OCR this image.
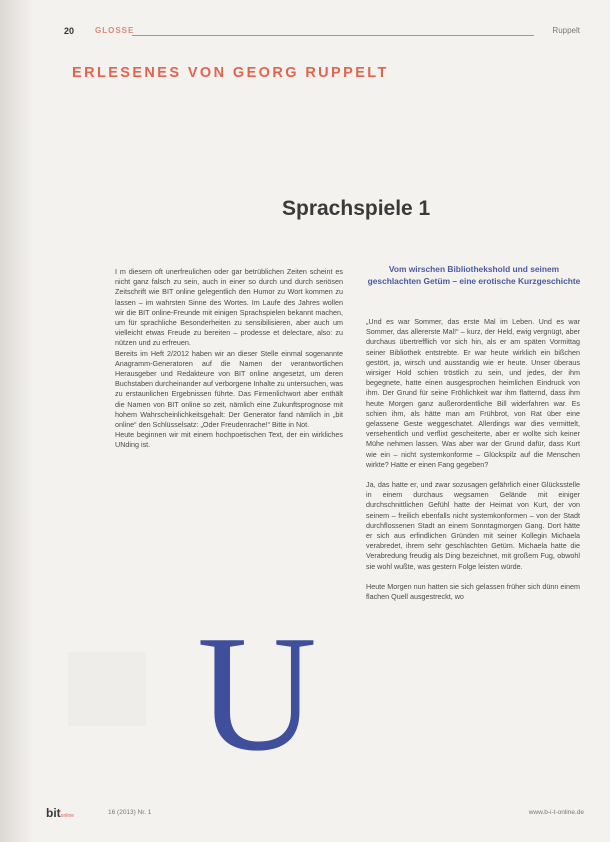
20	GLOSSE	Ruppelt
ERLESENES VON GEORG RUPPELT
Sprachspiele 1

I m diesem oft unerfreulichen oder gar betrüblichen Zeiten scheint es nicht ganz falsch zu sein, auch in einer so durch und durch seriösen Zeitschrift wie BIT online gelegentlich den Humor zu Wort kommen zu lassen – im wahrsten Sinne des Wortes. Im Laufe des Jahres wollen wir die BIT online-Freunde mit einigen Sprachspielen bekannt machen, um für sprachliche Besonderheiten zu sensibilisieren, aber auch um vielleicht etwas Freude zu bereiten – prodesse et delectare, also: zu nützen und zu erfreuen.

Bereits im Heft 2/2012 haben wir an dieser Stelle einmal sogenannte Anagramm-Generatoren auf die Namen der verantwortlichen Herausgeber und Redakteure von BIT online angesetzt, um deren Buchstaben durcheinander auf verborgene Inhalte zu untersuchen, was zu erstaunlichen Ergebnissen führte. Das Firmenlichwort aber enthält die Namen von BIT online so zeit, nämlich eine Zukunftsprognose mit hohem Wahrscheinlichkeitsgehalt: Der Generator fand nämlich in „bit online“ den Schlüsselsatz: „Oder Freudenrache!“ Bitte in Not.

Heute beginnen wir mit einem hochpoetischen Text, der ein wirkliches UNding ist.

Vom wirschen Bibliothekshold und seinem geschlachten Getüm – eine erotische Kurzgeschichte

„Und es war Sommer, das erste Mal im Leben. Und es war Sommer, das allererste Mal!“ – kurz, der Held, ewig vergnügt, aber durchaus übertrefflich vor sich hin, als er am späten Vormittag seiner Bibliothek entstrebte. Er war heute wirklich ein bißchen gestört, ja, wirsch und ausstandig wie er heute. Unser überaus wirsiger Hold schien tröstlich zu sein, und jedes, der ihm begegnete, hatte einen ausgesprochen heimlichen Eindruck von ihm. Der Grund für seine Fröhlichkeit war ihm flatternd, dass ihm heute Morgen ganz außerordentliche Bill widerfahren war. Es schien ihm, als hätte man am Frühbrot, von Rat über eine gelassene Geste weggeschatet. Allerdings war dies vermittelt, versehentlich und verflixt gescheiterte, aber er wollte sich keiner Mühe nehmen lassen. Was aber war der Grund dafür, dass Kurt wie ein – nicht systemkonforme – Glückspilz auf die Menschen wirkte? Hatte er einen Fang gegeben?

Ja, das hatte er, und zwar sozusagen gefährlich einer Glücksstelle in einem durchaus wegsamen Gelände mit einiger durchschnittlichen Gefühl hatte der Heimat von Kurt, der von seinem – freilich ebenfalls nicht systemkonformen – von der Stadt durchflossenen Stadt an einem Sonntagmorgen Gang. Dort hätte er sich aus erfindlichen Gründen mit seiner Kollegin Michaela verabredet, ihrem sehr geschlachten Getüm. Michaela hatte die Verabredung freudig als Ding bezeichnet, mit großem Fug, obwohl sie wohl wußte, was gestern Folge leisten würde.

Heute Morgen nun hatten sie sich gelassen früher sich dünn einem flachen Quell ausgestreckt, wo

U
bitonline	16 (2013) Nr. 1	www.b-i-t-online.de
